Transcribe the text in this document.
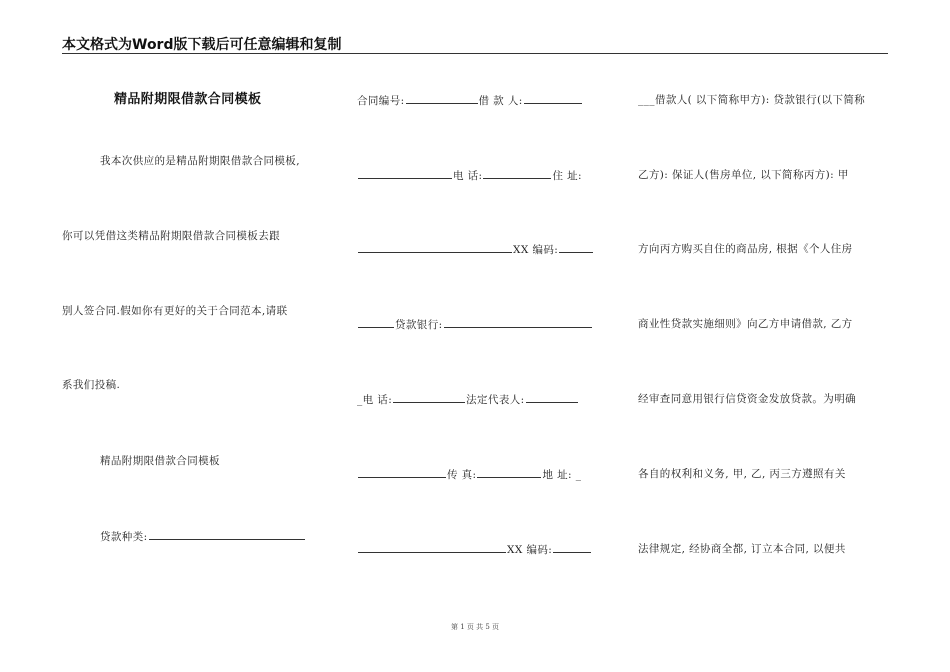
本文格式为Word版下载后可任意编辑和复制
精品附期限借款合同模板
我本次供应的是精品附期限借款合同模板,
你可以凭借这类精品附期限借款合同模板去跟
别人签合同.假如你有更好的关于合同范本,请联
系我们投稿.
精品附期限借款合同模板
贷款种类:
合同编号:	借 款 人:
电 话:	住 址:
XX 编码:
贷款银行:
_电 话:	法定代表人:
传 真:	地 址: _
XX 编码:
___借款人( 以下简称甲方): 贷款银行(以下简称
乙方): 保证人(售房单位, 以下简称丙方): 甲
方向丙方购买自住的商品房, 根据《个人住房
商业性贷款实施细则》向乙方申请借款, 乙方
经审查同意用银行信贷资金发放贷款。为明确
各自的权利和义务, 甲, 乙, 丙三方遵照有关
法律规定, 经协商全都, 订立本合同, 以便共
第 1 页 共 5 页
